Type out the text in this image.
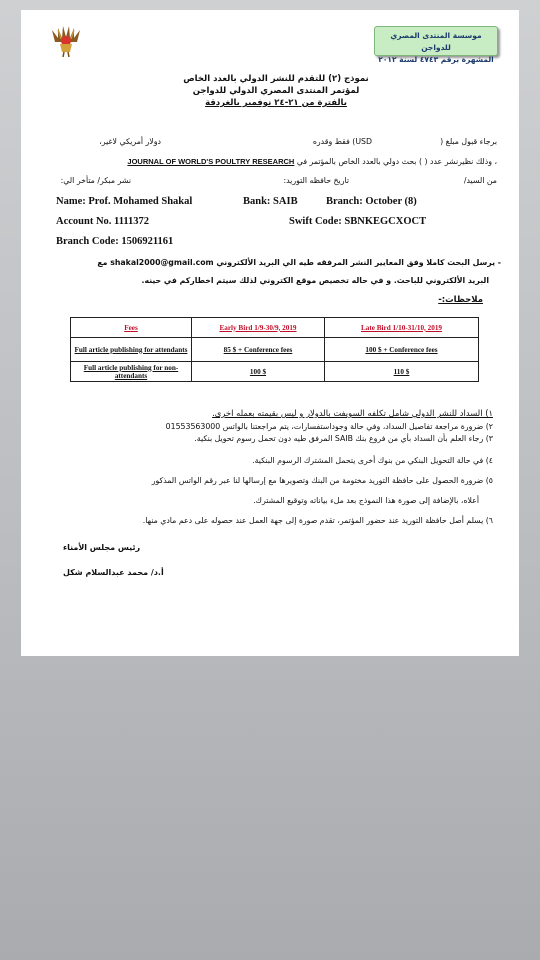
موسسة المنتدى المصري للدواجن
المشهرة برقم ٤٧٤٣ لسنة ٢٠١٢
نموذج (٢) للتقدم للنشر الدولي بالعدد الخاص
لمؤتمر المنتدى المصري الدولي للدواجن
بالفترة من ٢١-٢٤ نوفمبر بالغردقة
برجاء قبول مبلغ (
USD) فقط وقدره
دولار أمريكي لاغير،
، وذلك نظيرنشر عدد ( ) بحث دولي بالعدد الخاص بالمؤتمر في JOURNAL OF WORLD'S POULTRY RESEARCH
من السيد/
تاريخ حافظه التوريد:
نشر مبكر/ متأخر الي:
Name: Prof. Mohamed Shakal	Bank: SAIB	Branch: October (8)
Account No. 1111372	Swift Code: SBNKEGCXOCT
Branch Code: 1506921161
- يرسل البحث كاملا وفق المعايير النشر المرفقه طيه الي البريد الألكتروني shakal2000@gmail.com مع
البريد الألكتروني للباحث. و في حاله تخصيص موقع الكتروني لذلك سيتم اخطاركم في حينه.
ملاحظات:-
Fees	Early Bird 1/9-30/9, 2019	Late Bird 1/10-31/10, 2019
Full article publishing for attendants	85 $ + Conference fees	100 $ + Conference fees
Full article publishing for non-attendants	100 $	110 $
١) السداد للنشر الدولي شامل تكلفه السويفت بالدولار و ليس بقيمته بعمله اخرى.
٢) ضرورة مراجعة تفاصيل السداد، وفي حالة وجوداستفسارات، يتم مراجعتنا بالواتس 01553563000
٣) رجاء العلم بأن السداد بأي من فروع بنك SAIB المرفق طيه دون تحمل رسوم تحويل بنكية.
٤) في حالة التحويل البنكي من بنوك أخرى يتحمل المشترك الرسوم البنكية.
٥) ضرورة الحصول على حافظة التوريد مختومة من البنك وتصويرها مع إرسالها لنا عبر رقم الواتس المذكور
أعلاه، بالإضافة إلى صورة هذا النموذج بعد ملء بياناته وتوقيع المشترك.
٦) يسلم أصل حافظة التوريد عند حضور المؤتمر، تقدم صورة إلى جهة العمل عند حصوله على دعم مادي منها.
رئيس مجلس الأمناء
أ.د/ محمد عبدالسلام شكل
